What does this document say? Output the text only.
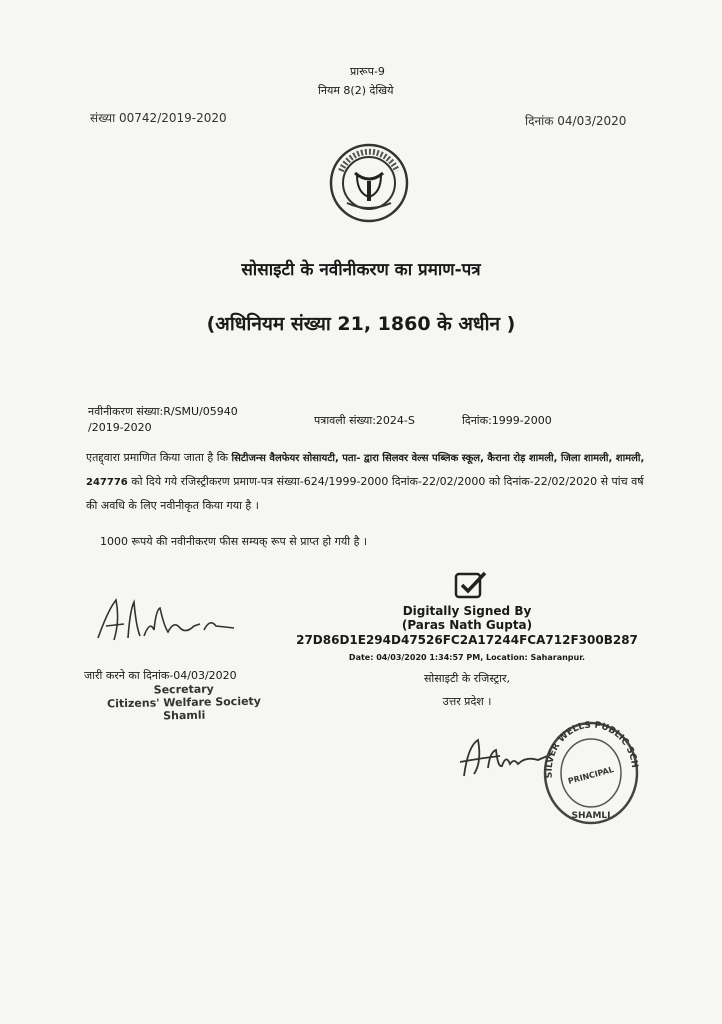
प्रारूप-9
नियम 8(2) देखिये
संख्या 00742/2019-2020	दिनांक 04/03/2020
सोसाइटी के नवीनीकरण का प्रमाण-पत्र
(अधिनियम संख्या 21, 1860 के अधीन )
नवीनीकरण संख्या:R/SMU/05940
/2019-2020
पत्रावली संख्या:2024-S	दिनांक:1999-2000
एतद्द्वारा प्रमाणित किया जाता है कि सिटीजन्स वैलफेयर सोसायटी, पता- द्वारा सिलवर वेल्स पब्लिक स्कूल, कैराना रोड़ शामली, जिला शामली, शामली, 247776 को दिये गये रजिस्ट्रीकरण प्रमाण-पत्र संख्या-624/1999-2000 दिनांक-22/02/2000 को दिनांक-22/02/2020 से पांच वर्ष की अवधि के लिए नवीनीकृत किया गया है ।
1000 रूपये की नवीनीकरण फीस सम्यक् रूप से प्राप्त हो गयी है ।
Digitally Signed By
(Paras Nath Gupta)
27D86D1E294D47526FC2A17244FCA712F300B287
Date: 04/03/2020 1:34:57 PM, Location: Saharanpur.
सोसाइटी के रजिस्ट्रार,
उत्तर प्रदेश ।
जारी करने का दिनांक-04/03/2020
Secretary
Citizens' Welfare Society
Shamli
SILVER WELLS PUBLIC SCH
PRINCIPAL
SHAMLI
